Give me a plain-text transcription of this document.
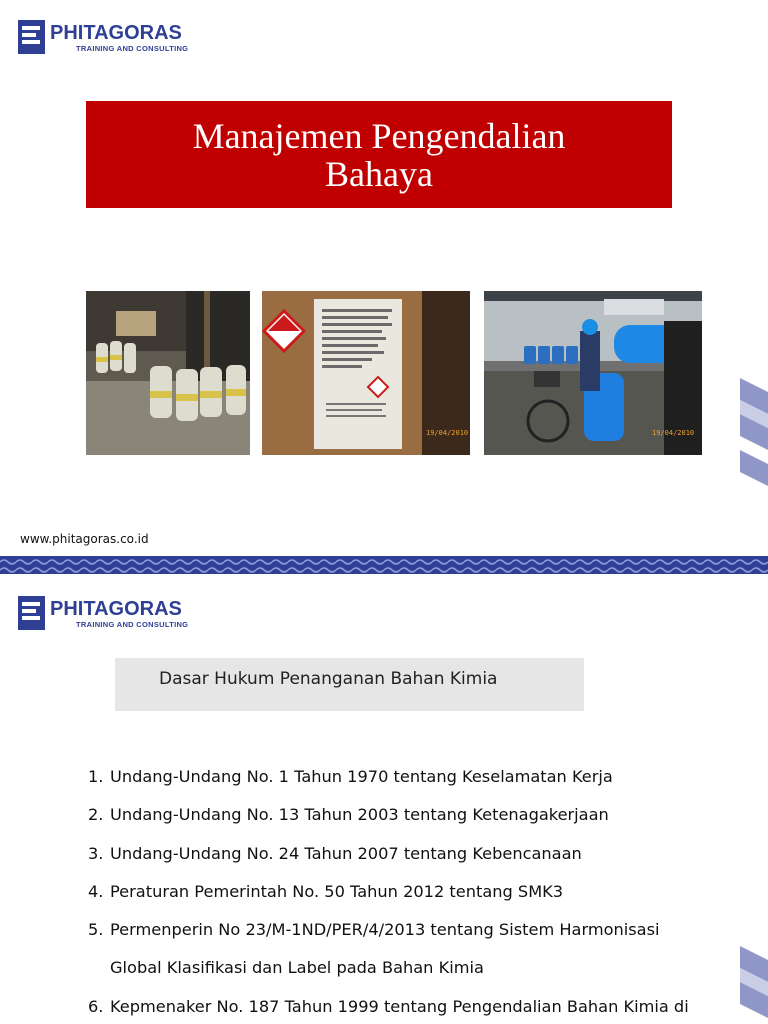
PHITAGORAS
TRAINING AND CONSULTING
Manajemen Pengendalian Bahaya
19/04/2010	19/04/2010
www.phitagoras.co.id
PHITAGORAS
TRAINING AND CONSULTING
Dasar Hukum Penanganan Bahan Kimia
1. Undang-Undang No. 1 Tahun 1970 tentang Keselamatan Kerja
2. Undang-Undang No. 13 Tahun 2003 tentang Ketenagakerjaan
3. Undang-Undang No. 24 Tahun 2007 tentang Kebencanaan
4. Peraturan Pemerintah No. 50 Tahun 2012 tentang SMK3
5. Permenperin No 23/M-1ND/PER/4/2013 tentang Sistem Harmonisasi
Global Klasifikasi dan Label pada Bahan Kimia
6. Kepmenaker No. 187 Tahun 1999 tentang Pengendalian Bahan Kimia di
